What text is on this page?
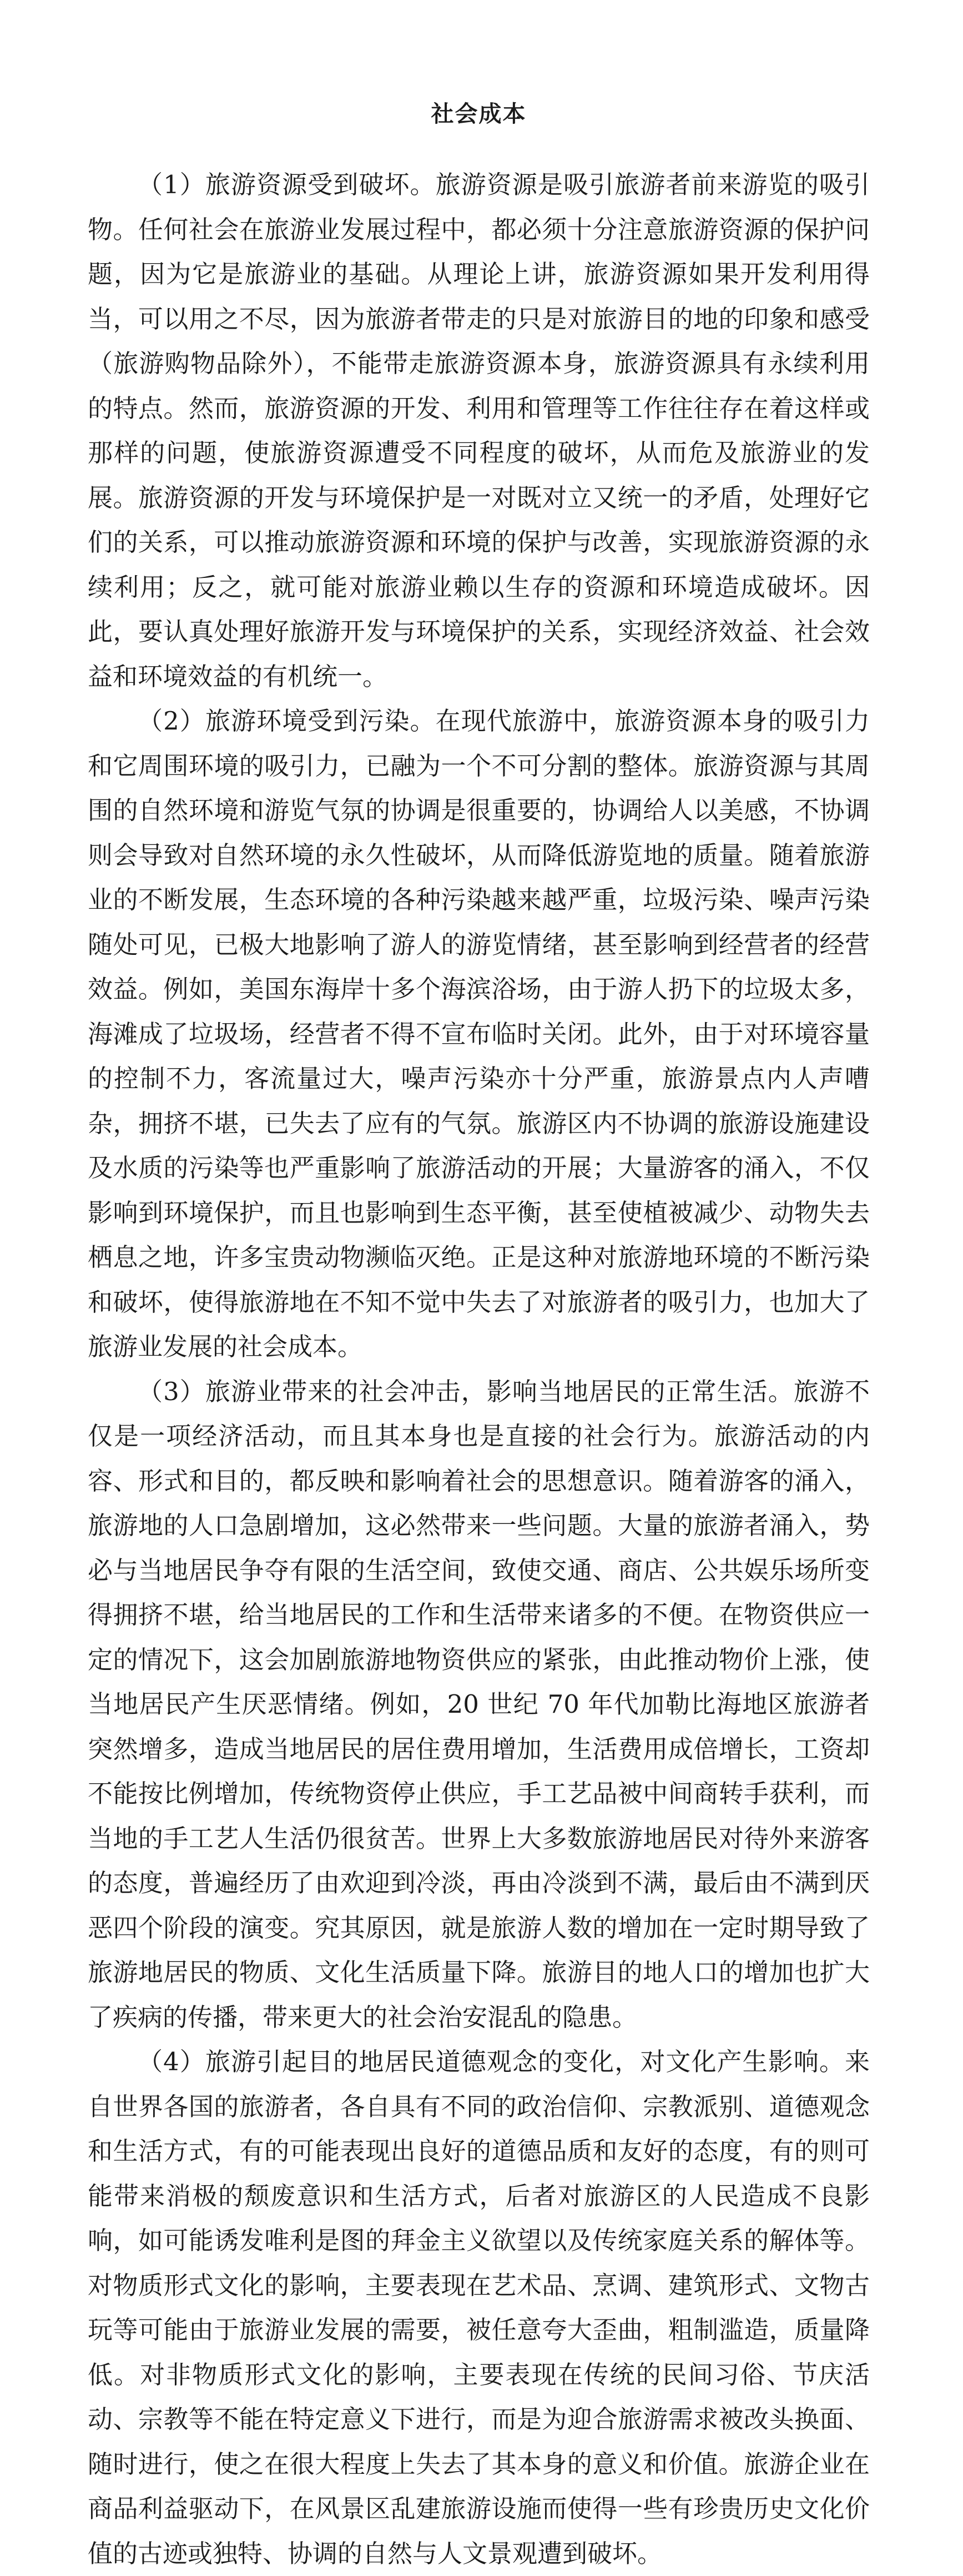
社会成本

（1）旅游资源受到破坏。旅游资源是吸引旅游者前来游览的吸引物。任何社会在旅游业发展过程中，都必须十分注意旅游资源的保护问题，因为它是旅游业的基础。从理论上讲，旅游资源如果开发利用得当，可以用之不尽，因为旅游者带走的只是对旅游目的地的印象和感受（旅游购物品除外），不能带走旅游资源本身，旅游资源具有永续利用的特点。然而，旅游资源的开发、利用和管理等工作往往存在着这样或那样的问题，使旅游资源遭受不同程度的破坏，从而危及旅游业的发展。旅游资源的开发与环境保护是一对既对立又统一的矛盾，处理好它们的关系，可以推动旅游资源和环境的保护与改善，实现旅游资源的永续利用；反之，就可能对旅游业赖以生存的资源和环境造成破坏。因此，要认真处理好旅游开发与环境保护的关系，实现经济效益、社会效益和环境效益的有机统一。

（2）旅游环境受到污染。在现代旅游中，旅游资源本身的吸引力和它周围环境的吸引力，已融为一个不可分割的整体。旅游资源与其周围的自然环境和游览气氛的协调是很重要的，协调给人以美感，不协调则会导致对自然环境的永久性破坏，从而降低游览地的质量。随着旅游业的不断发展，生态环境的各种污染越来越严重，垃圾污染、噪声污染随处可见，已极大地影响了游人的游览情绪，甚至影响到经营者的经营效益。例如，美国东海岸十多个海滨浴场，由于游人扔下的垃圾太多，海滩成了垃圾场，经营者不得不宣布临时关闭。此外，由于对环境容量的控制不力，客流量过大，噪声污染亦十分严重，旅游景点内人声嘈杂，拥挤不堪，已失去了应有的气氛。旅游区内不协调的旅游设施建设及水质的污染等也严重影响了旅游活动的开展；大量游客的涌入，不仅影响到环境保护，而且也影响到生态平衡，甚至使植被减少、动物失去栖息之地，许多宝贵动物濒临灭绝。正是这种对旅游地环境的不断污染和破坏，使得旅游地在不知不觉中失去了对旅游者的吸引力，也加大了旅游业发展的社会成本。

（3）旅游业带来的社会冲击，影响当地居民的正常生活。旅游不仅是一项经济活动，而且其本身也是直接的社会行为。旅游活动的内容、形式和目的，都反映和影响着社会的思想意识。随着游客的涌入，旅游地的人口急剧增加，这必然带来一些问题。大量的旅游者涌入，势必与当地居民争夺有限的生活空间，致使交通、商店、公共娱乐场所变得拥挤不堪，给当地居民的工作和生活带来诸多的不便。在物资供应一定的情况下，这会加剧旅游地物资供应的紧张，由此推动物价上涨，使当地居民产生厌恶情绪。例如，20 世纪 70 年代加勒比海地区旅游者突然增多，造成当地居民的居住费用增加，生活费用成倍增长，工资却不能按比例增加，传统物资停止供应，手工艺品被中间商转手获利，而当地的手工艺人生活仍很贫苦。世界上大多数旅游地居民对待外来游客的态度，普遍经历了由欢迎到冷淡，再由冷淡到不满，最后由不满到厌恶四个阶段的演变。究其原因，就是旅游人数的增加在一定时期导致了旅游地居民的物质、文化生活质量下降。旅游目的地人口的增加也扩大了疾病的传播，带来更大的社会治安混乱的隐患。

（4）旅游引起目的地居民道德观念的变化，对文化产生影响。来自世界各国的旅游者，各自具有不同的政治信仰、宗教派别、道德观念和生活方式，有的可能表现出良好的道德品质和友好的态度，有的则可能带来消极的颓废意识和生活方式，后者对旅游区的人民造成不良影响，如可能诱发唯利是图的拜金主义欲望以及传统家庭关系的解体等。对物质形式文化的影响，主要表现在艺术品、烹调、建筑形式、文物古玩等可能由于旅游业发展的需要，被任意夸大歪曲，粗制滥造，质量降低。对非物质形式文化的影响，主要表现在传统的民间习俗、节庆活动、宗教等不能在特定意义下进行，而是为迎合旅游需求被改头换面、随时进行，使之在很大程度上失去了其本身的意义和价值。旅游企业在商品利益驱动下，在风景区乱建旅游设施而使得一些有珍贵历史文化价值的古迹或独特、协调的自然与人文景观遭到破坏。
